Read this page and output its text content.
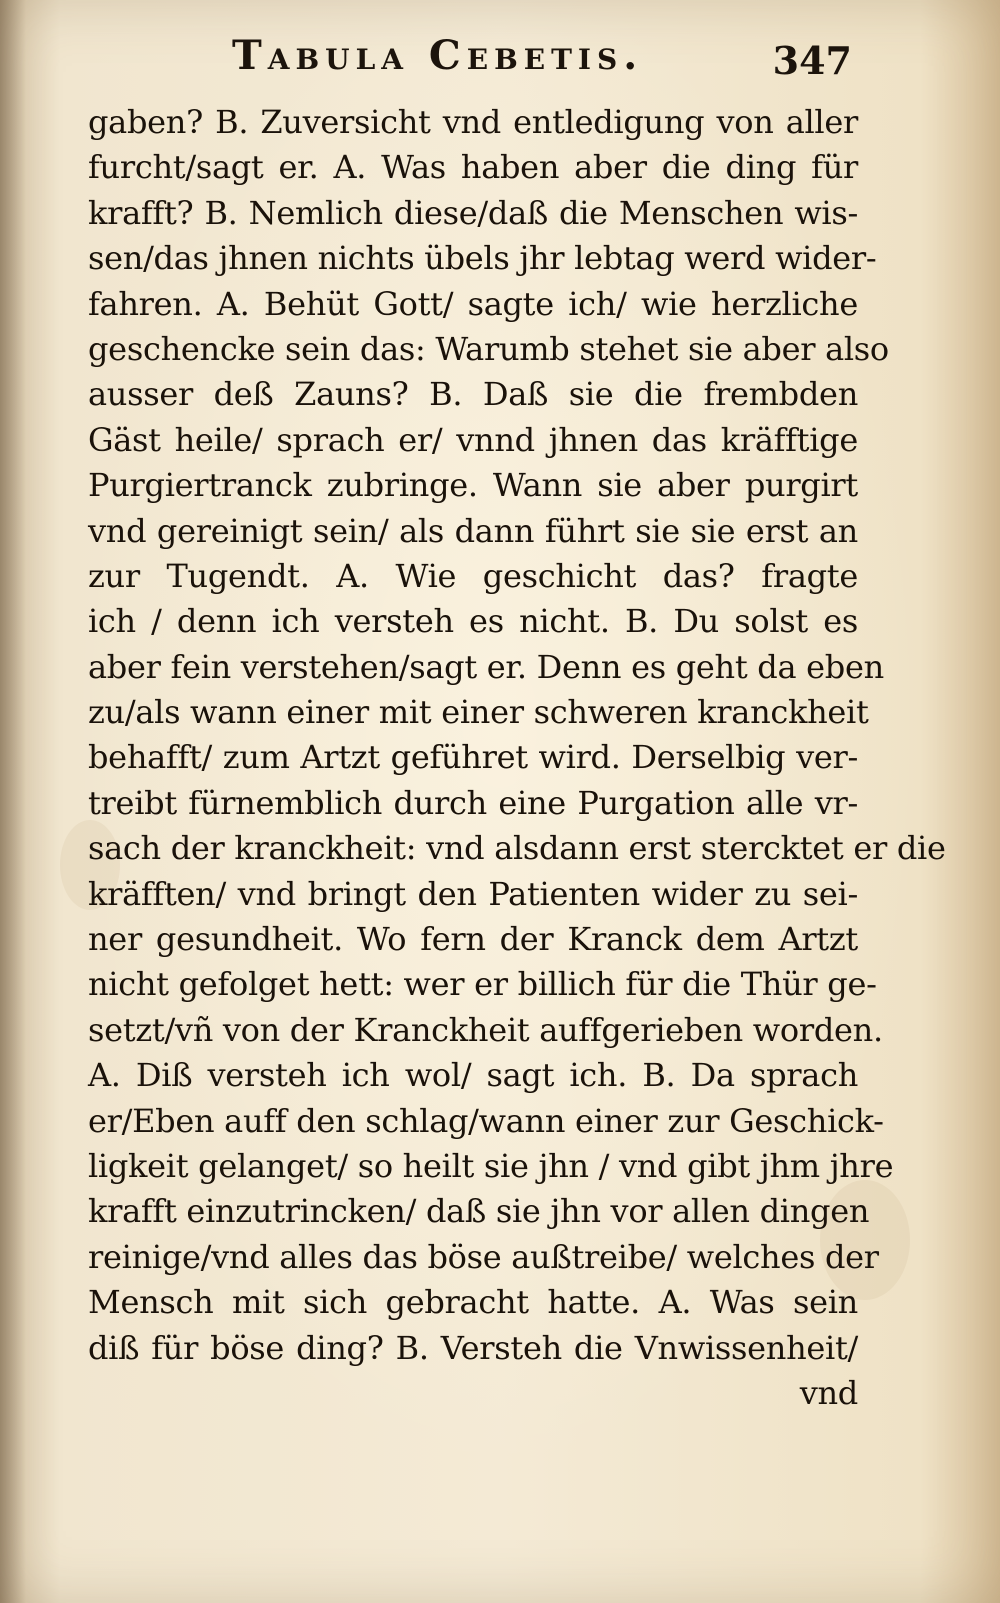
Tabula Cebetis.	347
gaben? B. Zuversicht vnd entledigung von aller
furcht/sagt er. A. Was haben aber die ding für
krafft? B. Nemlich diese/daß die Menschen wis-
sen/das jhnen nichts übels jhr lebtag werd wider-
fahren. A. Behüt Gott/ sagte ich/ wie herzliche
geschencke sein das: Warumb stehet sie aber also
ausser deß Zauns? B. Daß sie die frembden
Gäst heile/ sprach er/ vnnd jhnen das kräfftige
Purgiertranck zubringe. Wann sie aber purgirt
vnd gereinigt sein/ als dann führt sie sie erst an
zur Tugendt. A. Wie geschicht das? fragte
ich / denn ich versteh es nicht. B. Du solst es
aber fein verstehen/sagt er. Denn es geht da eben
zu/als wann einer mit einer schweren kranckheit
behafft/ zum Artzt geführet wird. Derselbig ver-
treibt fürnemblich durch eine Purgation alle vr-
sach der kranckheit: vnd alsdann erst stercktet er die
kräfften/ vnd bringt den Patienten wider zu sei-
ner gesundheit. Wo fern der Kranck dem Artzt
nicht gefolget hett: wer er billich für die Thür ge-
setzt/vñ von der Kranckheit auffgerieben worden.
A. Diß versteh ich wol/ sagt ich. B. Da sprach
er/Eben auff den schlag/wann einer zur Geschick-
ligkeit gelanget/ so heilt sie jhn / vnd gibt jhm jhre
krafft einzutrincken/ daß sie jhn vor allen dingen
reinige/vnd alles das böse außtreibe/ welches der
Mensch mit sich gebracht hatte. A. Was sein
diß für böse ding? B. Versteh die Vnwissenheit/
vnd
